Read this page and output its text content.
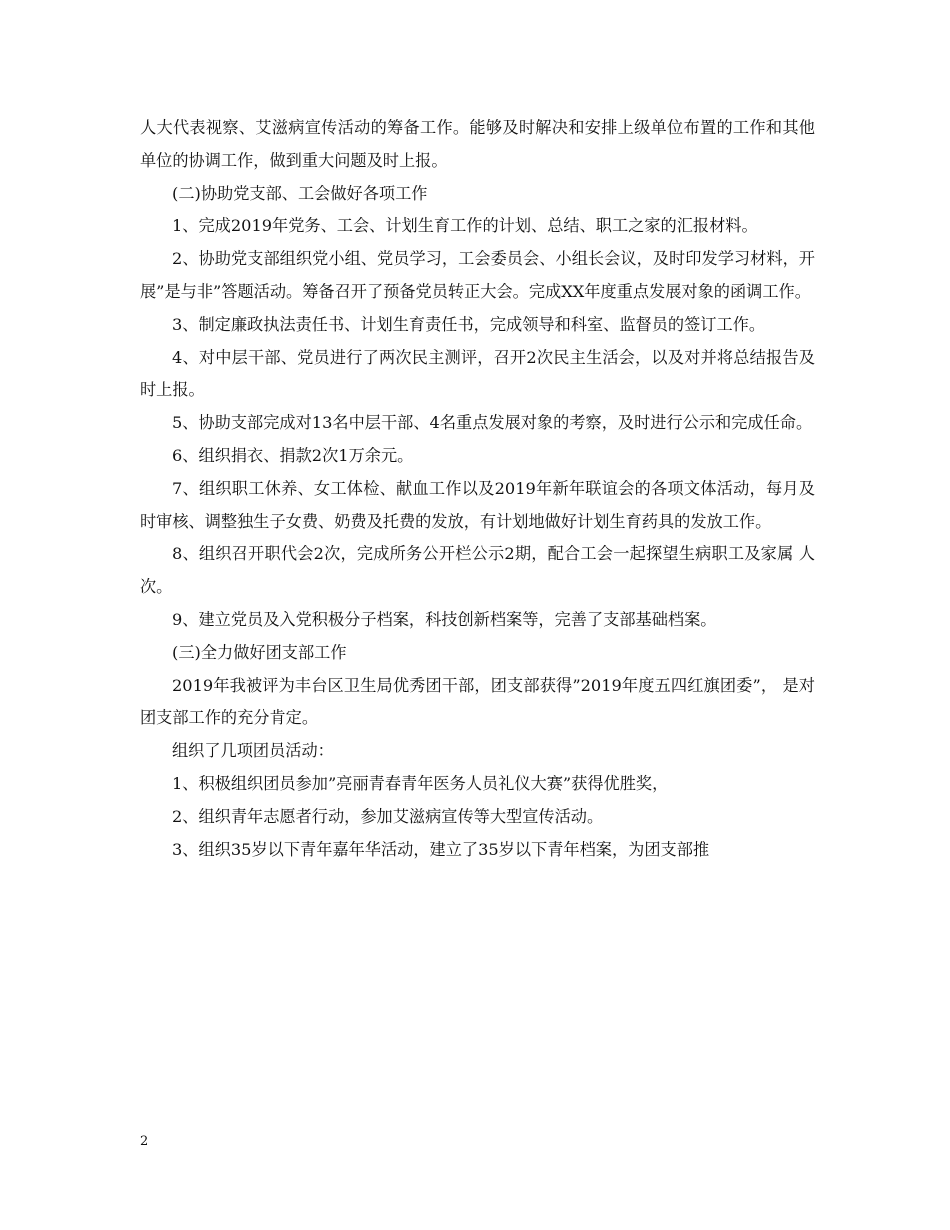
人大代表视察、艾滋病宣传活动的筹备工作。能够及时解决和安排上级单位布置的工作和其他单位的协调工作，做到重大问题及时上报。

(二)协助党支部、工会做好各项工作

1、完成2019年党务、工会、计划生育工作的计划、总结、职工之家的汇报材料。

2、协助党支部组织党小组、党员学习，工会委员会、小组长会议，及时印发学习材料，开展”是与非”答题活动。筹备召开了预备党员转正大会。完成XX年度重点发展对象的函调工作。

3、制定廉政执法责任书、计划生育责任书，完成领导和科室、监督员的签订工作。

4、对中层干部、党员进行了两次民主测评，召开2次民主生活会，以及对并将总结报告及时上报。

5、协助支部完成对13名中层干部、4名重点发展对象的考察，及时进行公示和完成任命。

6、组织捐衣、捐款2次1万余元。

7、组织职工休养、女工体检、献血工作以及2019年新年联谊会的各项文体活动，每月及时审核、调整独生子女费、奶费及托费的发放，有计划地做好计划生育药具的发放工作。

8、组织召开职代会2次，完成所务公开栏公示2期，配合工会一起探望生病职工及家属 人次。

9、建立党员及入党积极分子档案，科技创新档案等，完善了支部基础档案。

(三)全力做好团支部工作

2019年我被评为丰台区卫生局优秀团干部，团支部获得”2019年度五四红旗团委”， 是对团支部工作的充分肯定。

组织了几项团员活动：

1、积极组织团员参加”亮丽青春青年医务人员礼仪大赛”获得优胜奖，

2、组织青年志愿者行动，参加艾滋病宣传等大型宣传活动。

3、组织35岁以下青年嘉年华活动，建立了35岁以下青年档案，为团支部推

2
